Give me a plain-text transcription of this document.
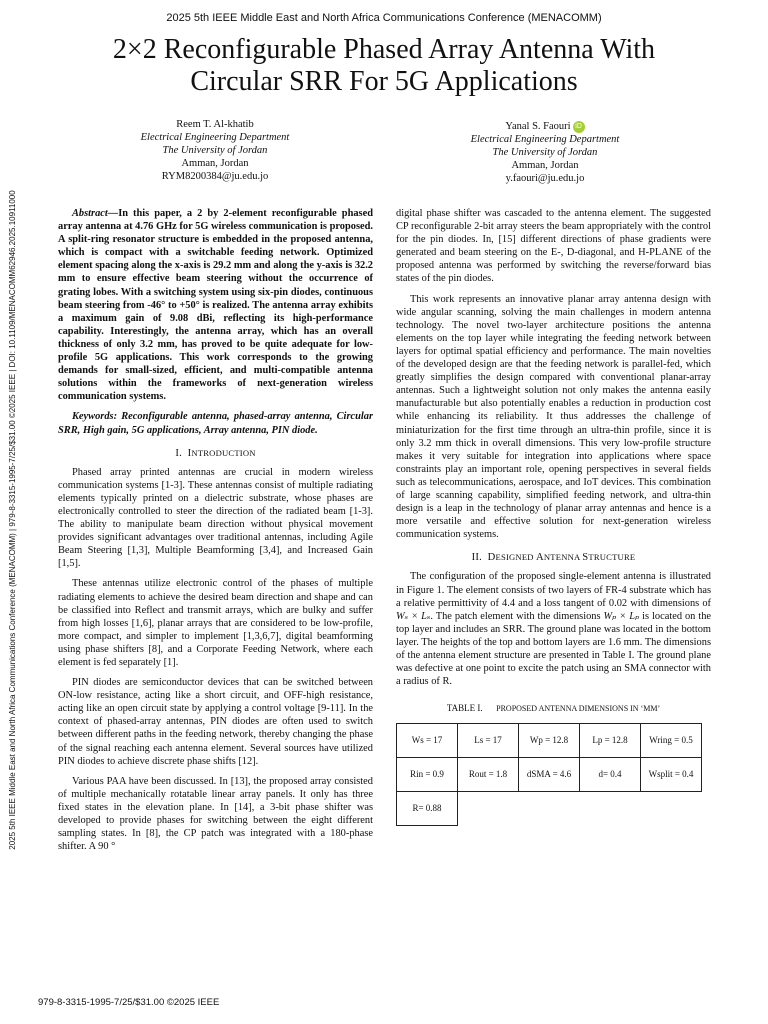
2025 5th IEEE Middle East and North Africa Communications Conference (MENACOMM)
2×2 Reconfigurable Phased Array Antenna With
Circular SRR For 5G Applications
Reem T. Al-khatib
Electrical Engineering Department
The University of Jordan
Amman, Jordan
RYM8200384@ju.edu.jo
Yanal S. Faouri iD
Electrical Engineering Department
The University of Jordan
Amman, Jordan
y.faouri@ju.edu.jo
2025 5th IEEE Middle East and North Africa Communications Conference (MENACOMM) | 979-8-3315-1995-7/25/$31.00 ©2025 IEEE | DOI: 10.1109/MENACOMM62946.2025.10911000	Abstract—In this paper, a 2 by 2-element reconfigurable phased array antenna at 4.76 GHz for 5G wireless communication is proposed. A split-ring resonator structure is embedded in the proposed antenna, which is compact with a switchable feeding network. Optimized element spacing along the x-axis is 29.2 mm and along the y-axis is 32.2 mm to ensure effective beam steering without the occurrence of grating lobes. With a switching system using six-pin diodes, continuous beam steering from -46° to +50° is realized. The antenna array exhibits a maximum gain of 9.08 dBi, reflecting its high-performance capability. Interestingly, the antenna array, which has an overall thickness of only 3.2 mm, has proved to be quite adequate for low-profile 5G applications. This work corresponds to the growing demands for small-sized, efficient, and multi-compatible antenna solutions within the frameworks of next-generation wireless communication systems.

Keywords: Reconfigurable antenna, phased-array antenna, Circular SRR, High gain, 5G applications, Array antenna, PIN diode.

I. INTRODUCTION

Phased array printed antennas are crucial in modern wireless communication systems [1-3]. These antennas consist of multiple radiating elements typically printed on a dielectric substrate, whose phases are electronically controlled to steer the direction of the radiated beam [1-3]. The ability to manipulate beam direction without physical movement provides significant advantages over traditional antennas, including Agile Beam Steering [1,3], Multiple Beamforming [3,4], and Increased Gain [1,5].

These antennas utilize electronic control of the phases of multiple radiating elements to achieve the desired beam direction and shape and can be classified into Reflect and transmit arrays, which are bulky and suffer from high losses [1,6], planar arrays that are considered to be low-profile, more compact, and simpler to implement [1,3,6,7], digital beamforming using phase shifters [8], and a Corporate Feeding Network, where each element is fed separately [1].

PIN diodes are semiconductor devices that can be switched between ON-low resistance, acting like a short circuit, and OFF-high resistance, acting like an open circuit state by applying a control voltage [9-11]. In the context of phased-array antennas, PIN diodes are often used to switch between different paths in the feeding network, thereby changing the phase of the signal reaching each antenna element. Several sources have utilized PIN diodes to achieve discrete phase shifts [12].

Various PAA have been discussed. In [13], the proposed array consisted of multiple mechanically rotatable linear array panels. It only has three fixed states in the elevation plane. In [14], a 3-bit phase shifter was developed to provide phases for switching between the eight different sampling states. In [8], the CP patch was integrated with a 180-phase shifter. A 90 °

digital phase shifter was cascaded to the antenna element. The suggested CP reconfigurable 2-bit array steers the beam appropriately with the control for the pin diodes. In, [15] different directions of phase gradients were generated and beam steering on the E-, D-diagonal, and H-PLANE of the proposed antenna was performed by switching the reverse/forward bias states of the pin diodes.

This work represents an innovative planar array antenna design with wide angular scanning, solving the main challenges in modern antenna technology. The novel two-layer architecture positions the antenna elements on the top layer while integrating the feeding network between layers for optimal spatial efficiency and performance. The main novelties of the developed design are that the feeding network is parallel-fed, which greatly simplifies the design compared with conventional planar-array antennas. Such a lightweight solution not only makes the antenna easily manufacturable but also potentially enables a reduction in production cost while enhancing its reliability. It thus addresses the challenge of miniaturization for the first time through an ultra-thin profile, since it is only 3.2 mm thick in overall dimensions. This very low-profile structure makes it very suitable for integration into applications where space constraints play an important role, opening perspectives in several fields such as telecommunications, aerospace, and IoT devices. This combination of large scanning capability, simplified feeding network, and ultra-thin design is a leap in the technology of planar array antennas and hence is a more versatile and effective solution for next-generation wireless communication systems.

II. DESIGNED ANTENNA STRUCTURE

The configuration of the proposed single-element antenna is illustrated in Figure 1. The element consists of two layers of FR-4 substrate which has a relative permittivity of 4.4 and a loss tangent of 0.02 with dimensions of Wₛ × Lₛ. The patch element with the dimensions Wₚ × Lₚ is located on the top layer and includes an SRR. The ground plane was located in the bottom layer. The heights of the top and bottom layers are 1.6 mm. The dimensions of the antenna element structure are presented in Table I. The ground plane was defective at one point to excite the patch using an SMA connector with a radius of R.

TABLE I. PROPOSED ANTENNA DIMENSIONS IN ‘MM’
Ws = 17	Ls = 17	Wp = 12.8	Lp = 12.8	Wring = 0.5
Rin = 0.9	Rout = 1.8	dSMA = 4.6	d= 0.4	Wsplit = 0.4
R= 0.88				
979-8-3315-1995-7/25/$31.00 ©2025 IEEE
